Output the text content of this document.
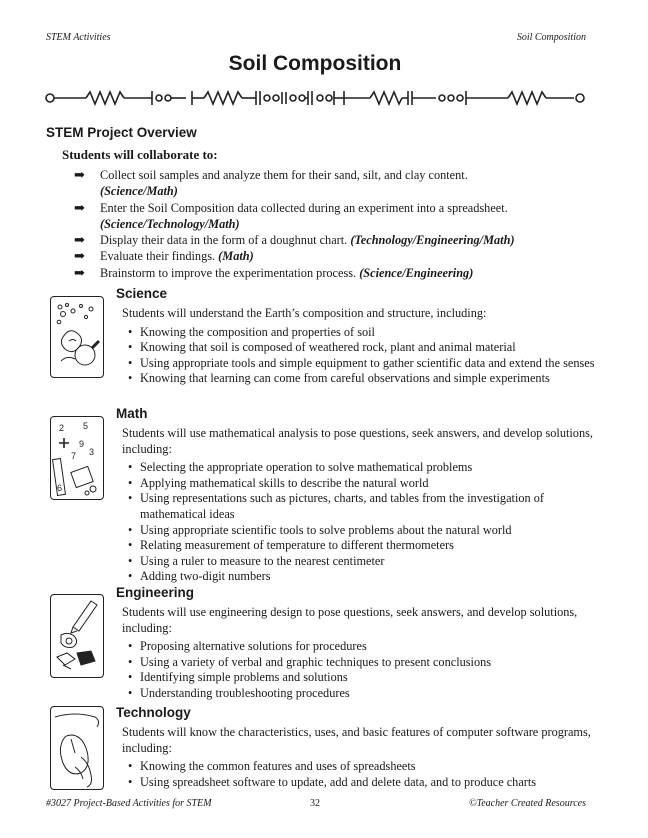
STEM Activities	Soil Composition
Soil Composition
STEM Project Overview
Students will collaborate to:
➡ Collect soil samples and analyze them for their sand, silt, and clay content.
(Science/Math)
➡ Enter the Soil Composition data collected during an experiment into a spreadsheet.
(Science/Technology/Math)
➡ Display their data in the form of a doughnut chart. (Technology/Engineering/Math)
➡ Evaluate their findings. (Math)
➡ Brainstorm to improve the experimentation process. (Science/Engineering)
Science

Students will understand the Earth’s composition and structure, including:

• Knowing the composition and properties of soil
• Knowing that soil is composed of weathered rock, plant and animal material
• Using appropriate tools and simple equipment to gather scientific data and extend the senses
• Knowing that learning can come from careful observations and simple experiments
2 5
9
7 3
6
Math

Students will use mathematical analysis to pose questions, seek answers, and develop solutions, including:

• Selecting the appropriate operation to solve mathematical problems
• Applying mathematical skills to describe the natural world
• Using representations such as pictures, charts, and tables from the investigation of mathematical ideas
• Using appropriate scientific tools to solve problems about the natural world
• Relating measurement of temperature to different thermometers
• Using a ruler to measure to the nearest centimeter
• Adding two-digit numbers
Engineering

Students will use engineering design to pose questions, seek answers, and develop solutions, including:

• Proposing alternative solutions for procedures
• Using a variety of verbal and graphic techniques to present conclusions
• Identifying simple problems and solutions
• Understanding troubleshooting procedures
Technology

Students will know the characteristics, uses, and basic features of computer software programs, including:

• Knowing the common features and uses of spreadsheets
• Using spreadsheet software to update, add and delete data, and to produce charts
#3027 Project-Based Activities for STEM	32	©Teacher Created Resources
